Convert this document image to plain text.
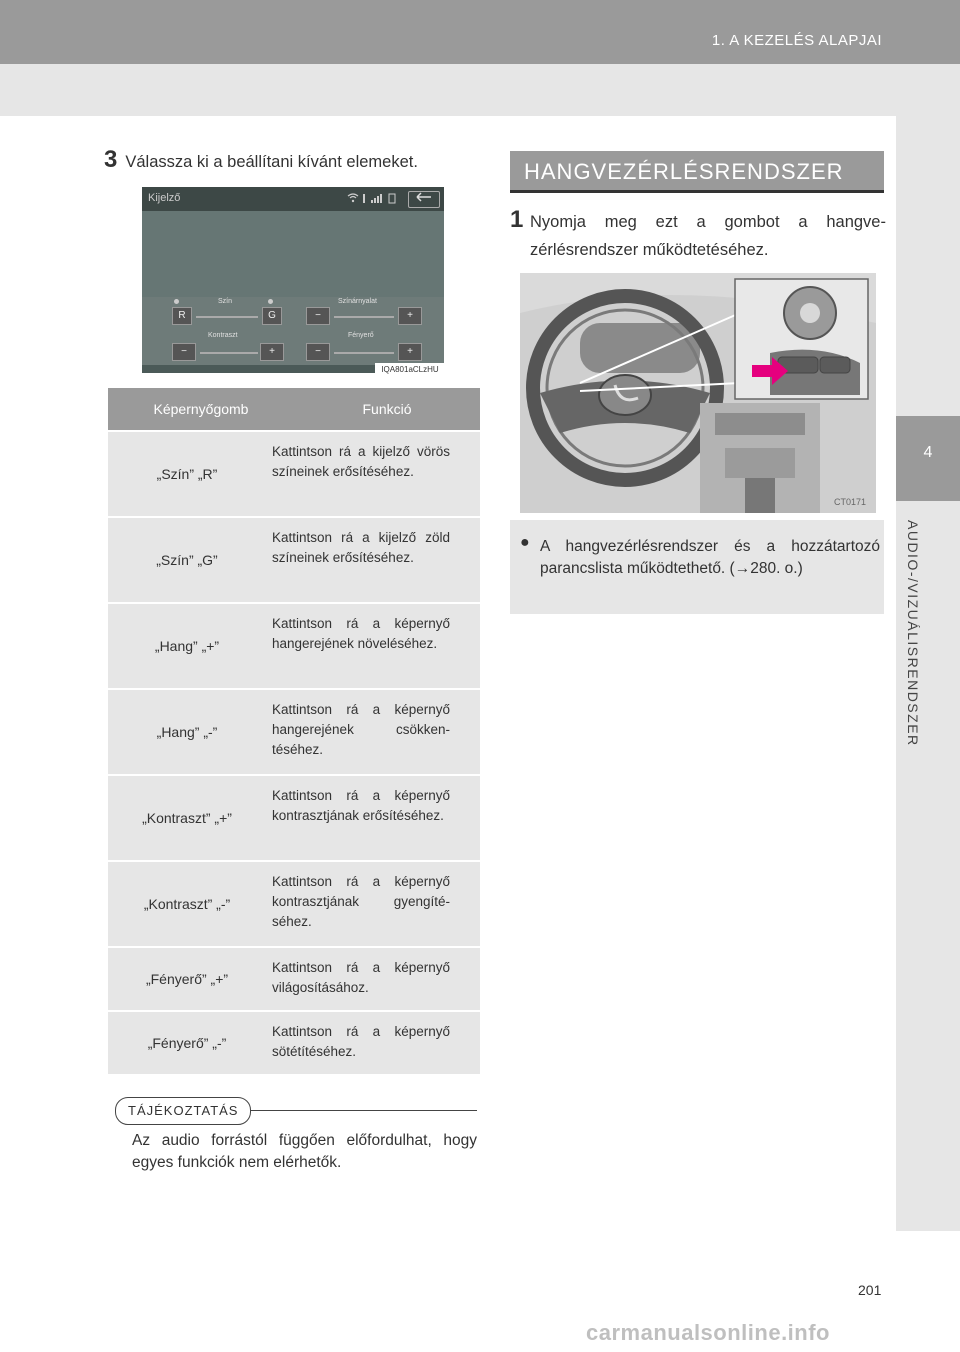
1. A KEZELÉS ALAPJAI
4
AUDIO-/VIZUÁLISRENDSZER
3 Válassza ki a beállítani kívánt elemeket.
Kijelző
Szín	Színárnyalat
R	G	−	+
Kontraszt	Fényerő
−	+	−	+
IQA801aCLzHU
Képernyőgomb	Funkció
„Szín” „R”
Kattintson rá a kijelző vörös színeinek erősítéséhez.
„Szín” „G”
Kattintson rá a kijelző zöld színeinek erősítéséhez.
„Hang” „+”
Kattintson rá a képernyő hangerejének növeléséhez.
„Hang” „-”
Kattintson rá a képernyő hangerejének csökkentéséhez.
„Kontraszt” „+”
Kattintson rá a képernyő kontrasztjának erősítéséhez.
„Kontraszt” „-”
Kattintson rá a képernyő kontrasztjának gyengítéséhez.
„Fényerő” „+”
Kattintson rá a képernyő világosításához.
„Fényerő” „-”
Kattintson rá a képernyő sötétítéséhez.
TÁJÉKOZTATÁS
Az audio forrástól függően előfordulhat, hogy egyes funkciók nem elérhetők.
HANGVEZÉRLÉSRENDSZER
1 Nyomja meg ezt a gombot a hangvezérlésrendszer működtetéséhez.
CT0171
● A hangvezérlésrendszer és a hozzátartozó parancslista működtethető. (→280. o.)
201
carmanualsonline.info
